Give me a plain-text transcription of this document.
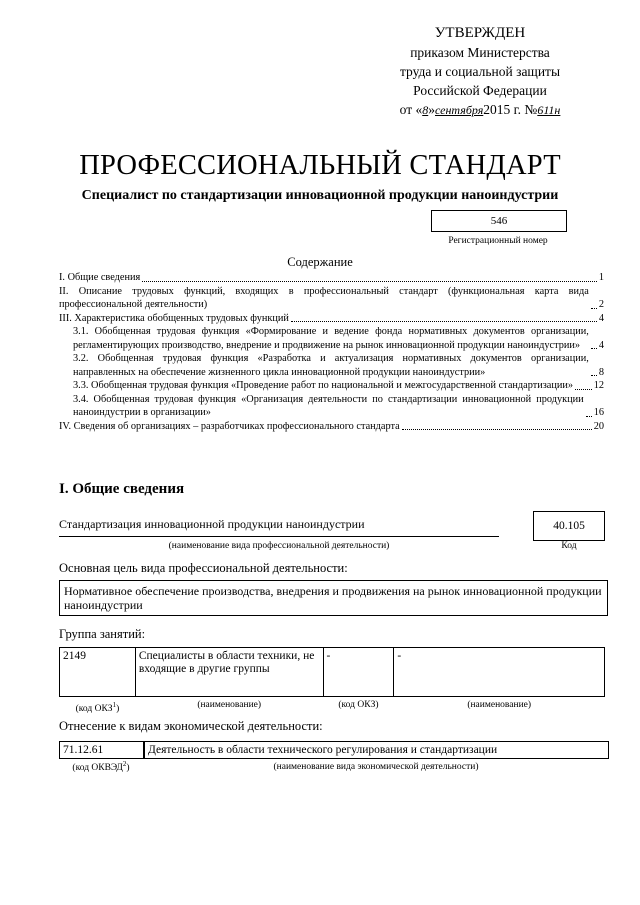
УТВЕРЖДЕН
приказом Министерства
труда и социальной защиты
Российской Федерации
от «8»сентября2015 г. №611н
ПРОФЕССИОНАЛЬНЫЙ СТАНДАРТ
Специалист по стандартизации инновационной продукции наноиндустрии
546
Регистрационный номер
Содержание
I. Общие сведения	1
II. Описание трудовых функций, входящих в профессиональный стандарт (функциональная карта вида профессиональной деятельности)	2
III. Характеристика обобщенных трудовых функций	4
3.1. Обобщенная трудовая функция «Формирование и ведение фонда нормативных документов организации, регламентирующих производство, внедрение и продвижение на рынок инновационной продукции наноиндустрии»	4
3.2. Обобщенная трудовая функция «Разработка и актуализация нормативных документов организации, направленных на обеспечение жизненного цикла инновационной продукции наноиндустрии»	8
3.3. Обобщенная трудовая функция «Проведение работ по национальной и межгосударственной стандартизации» 12
3.4. Обобщенная трудовая функция «Организация деятельности по стандартизации инновационной продукции наноиндустрии в организации»	16
IV. Сведения об организациях – разработчиках профессионального стандарта	20
I. Общие сведения
Стандартизация инновационной продукции наноиндустрии	40.105
(наименование вида профессиональной деятельности)	Код
Основная цель вида профессиональной деятельности:
Нормативное обеспечение производства, внедрения и продвижения на рынок инновационной продукции наноиндустрии
Группа занятий:
2149	Специалисты в области техники, не входящие в другие группы	-	-
(код ОКЗ$^1$)	(наименование)	(код ОКЗ)	(наименование)
Отнесение к видам экономической деятельности:
71.12.61	Деятельность в области технического регулирования и стандартизации
(код ОКВЭД$^2$)	(наименование вида экономической деятельности)
